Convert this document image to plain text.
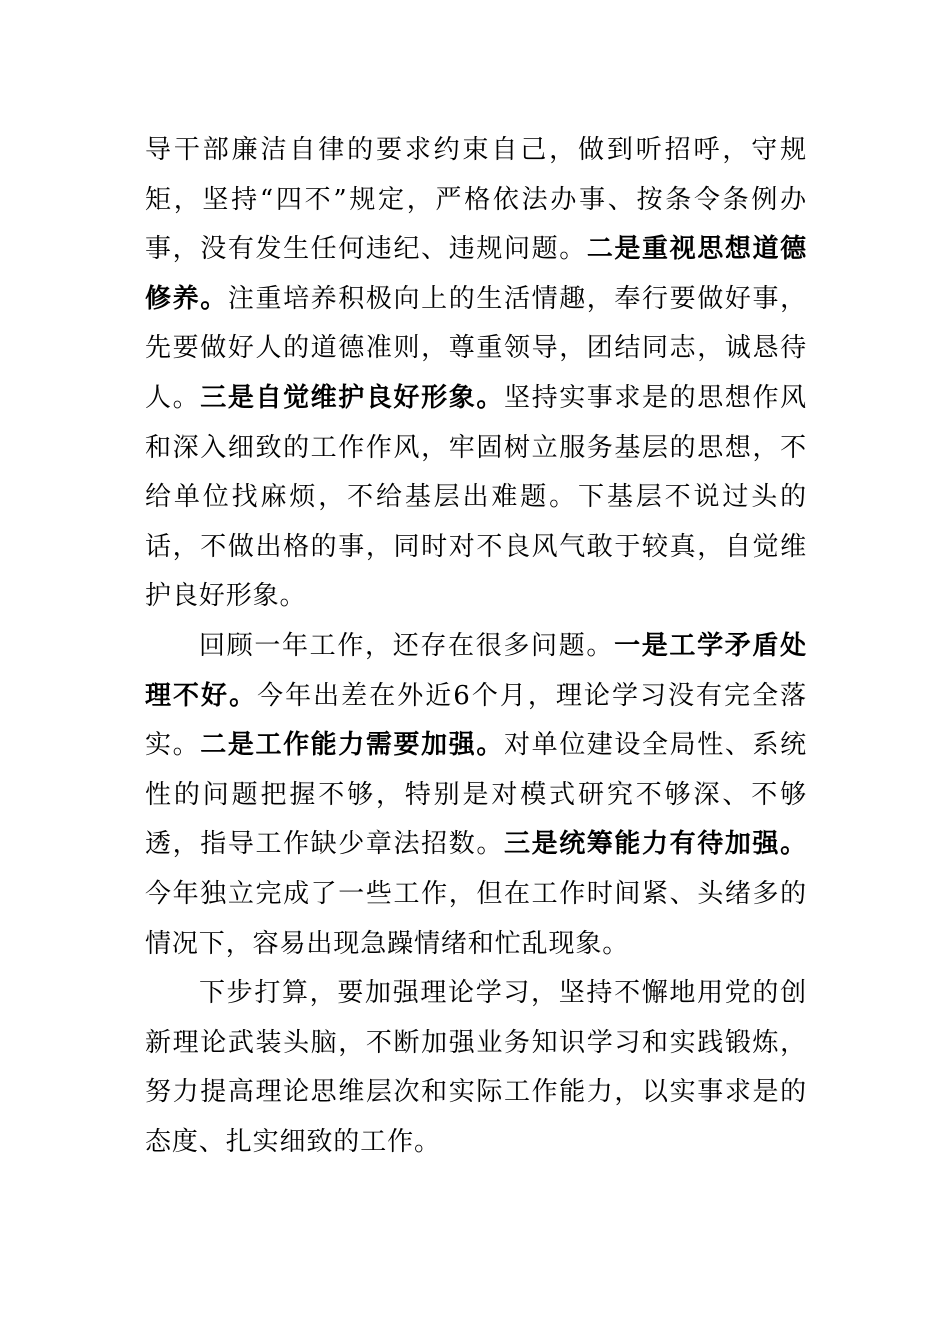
导干部廉洁自律的要求约束自己，做到听招呼，守规矩，坚持“四不”规定，严格依法办事、按条令条例办事，没有发生任何违纪、违规问题。二是重视思想道德修养。注重培养积极向上的生活情趣，奉行要做好事，先要做好人的道德准则，尊重领导，团结同志，诚恳待人。三是自觉维护良好形象。坚持实事求是的思想作风和深入细致的工作作风，牢固树立服务基层的思想，不给单位找麻烦，不给基层出难题。下基层不说过头的话，不做出格的事，同时对不良风气敢于较真，自觉维护良好形象。

回顾一年工作，还存在很多问题。一是工学矛盾处理不好。今年出差在外近6个月，理论学习没有完全落实。二是工作能力需要加强。对单位建设全局性、系统性的问题把握不够，特别是对模式研究不够深、不够透，指导工作缺少章法招数。三是统筹能力有待加强。今年独立完成了一些工作，但在工作时间紧、头绪多的情况下，容易出现急躁情绪和忙乱现象。

下步打算，要加强理论学习，坚持不懈地用党的创新理论武装头脑，不断加强业务知识学习和实践锻炼，努力提高理论思维层次和实际工作能力，以实事求是的态度、扎实细致的工作。
